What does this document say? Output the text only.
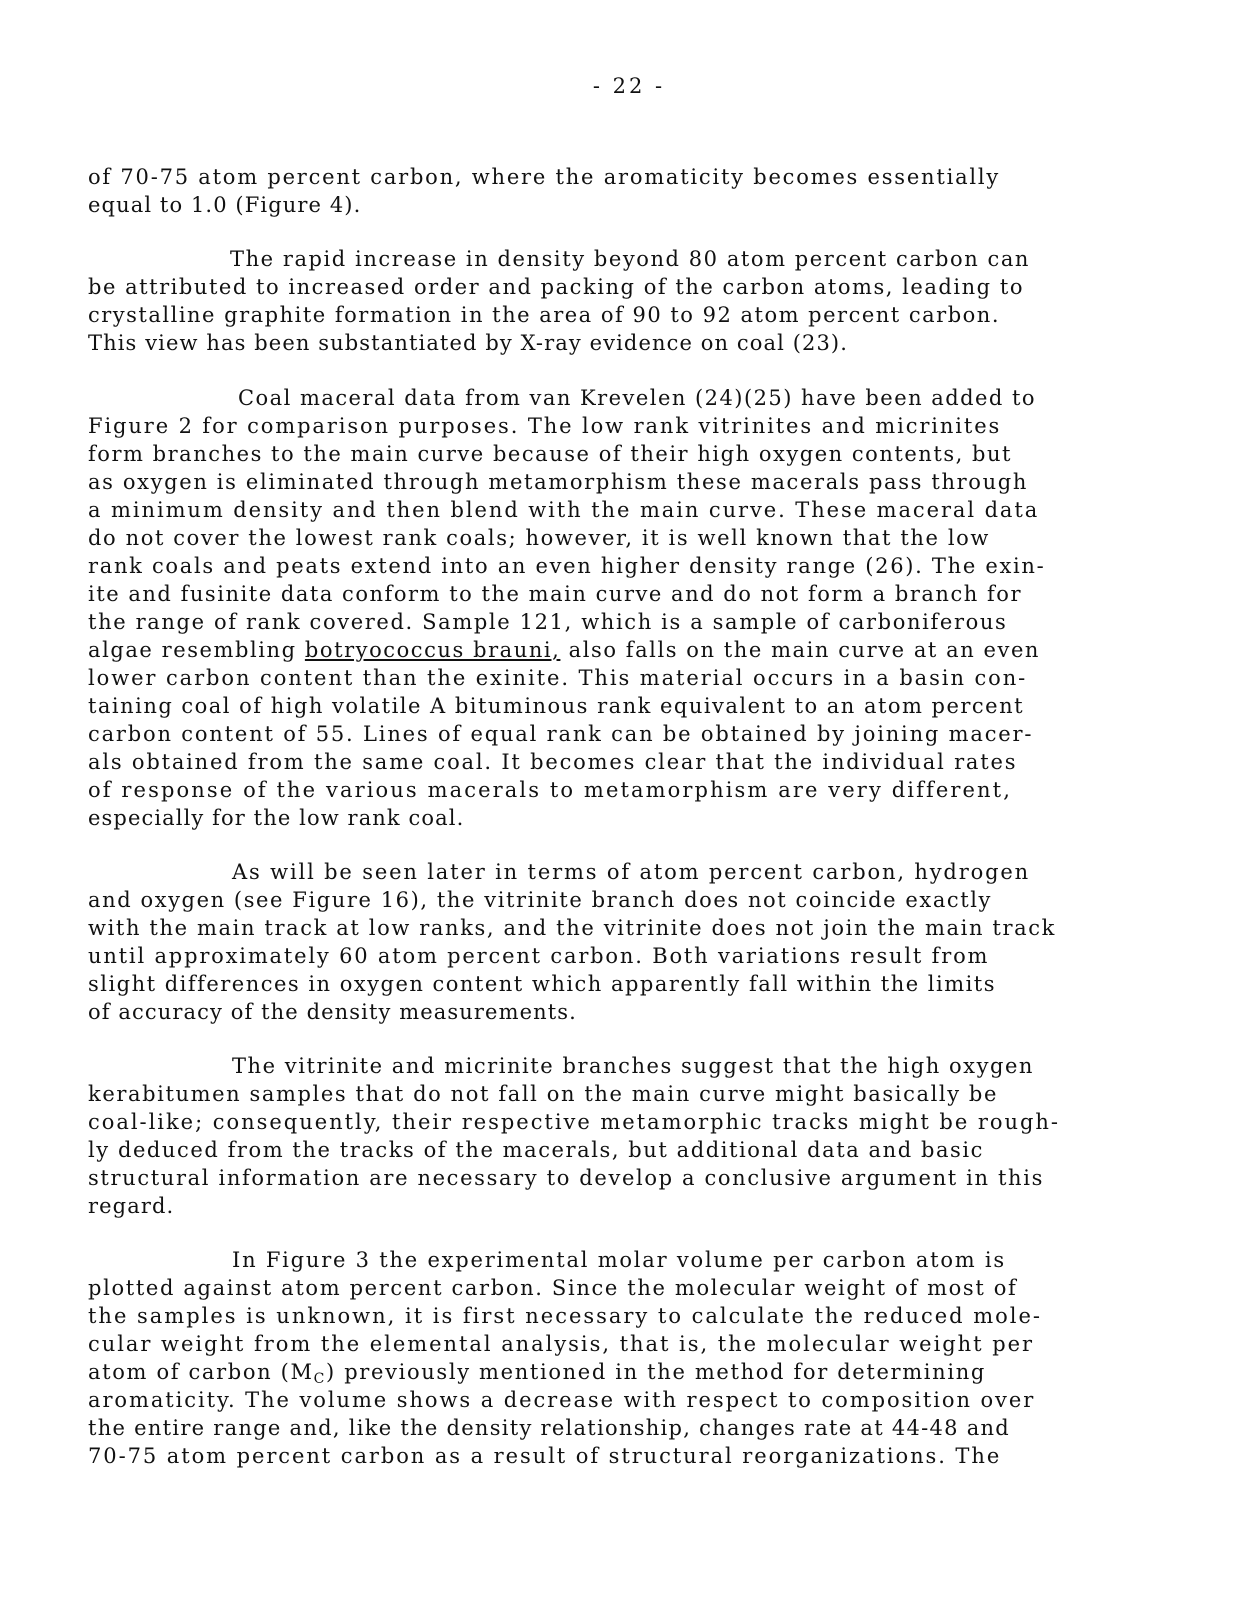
- 22 -
of 70-75 atom percent carbon, where the aromaticity becomes essentially
equal to 1.0 (Figure 4).
The rapid increase in density beyond 80 atom percent carbon can
be attributed to increased order and packing of the carbon atoms, leading to
crystalline graphite formation in the area of 90 to 92 atom percent carbon.
This view has been substantiated by X-ray evidence on coal (23).
Coal maceral data from van Krevelen (24)(25) have been added to
Figure 2 for comparison purposes. The low rank vitrinites and micrinites
form branches to the main curve because of their high oxygen contents, but
as oxygen is eliminated through metamorphism these macerals pass through
a minimum density and then blend with the main curve. These maceral data
do not cover the lowest rank coals; however, it is well known that the low
rank coals and peats extend into an even higher density range (26). The exin-
ite and fusinite data conform to the main curve and do not form a branch for
the range of rank covered. Sample 121, which is a sample of carboniferous
algae resembling botryococcus brauni, also falls on the main curve at an even
lower carbon content than the exinite. This material occurs in a basin con-
taining coal of high volatile A bituminous rank equivalent to an atom percent
carbon content of 55. Lines of equal rank can be obtained by joining macer-
als obtained from the same coal. It becomes clear that the individual rates
of response of the various macerals to metamorphism are very different,
especially for the low rank coal.
As will be seen later in terms of atom percent carbon, hydrogen
and oxygen (see Figure 16), the vitrinite branch does not coincide exactly
with the main track at low ranks, and the vitrinite does not join the main track
until approximately 60 atom percent carbon. Both variations result from
slight differences in oxygen content which apparently fall within the limits
of accuracy of the density measurements.
The vitrinite and micrinite branches suggest that the high oxygen
kerabitumen samples that do not fall on the main curve might basically be
coal-like; consequently, their respective metamorphic tracks might be rough-
ly deduced from the tracks of the macerals, but additional data and basic
structural information are necessary to develop a conclusive argument in this
regard.
In Figure 3 the experimental molar volume per carbon atom is
plotted against atom percent carbon. Since the molecular weight of most of
the samples is unknown, it is first necessary to calculate the reduced mole-
cular weight from the elemental analysis, that is, the molecular weight per
atom of carbon $(M_C)$ previously mentioned in the method for determining
aromaticity. The volume shows a decrease with respect to composition over
the entire range and, like the density relationship, changes rate at 44-48 and
70-75 atom percent carbon as a result of structural reorganizations. The
